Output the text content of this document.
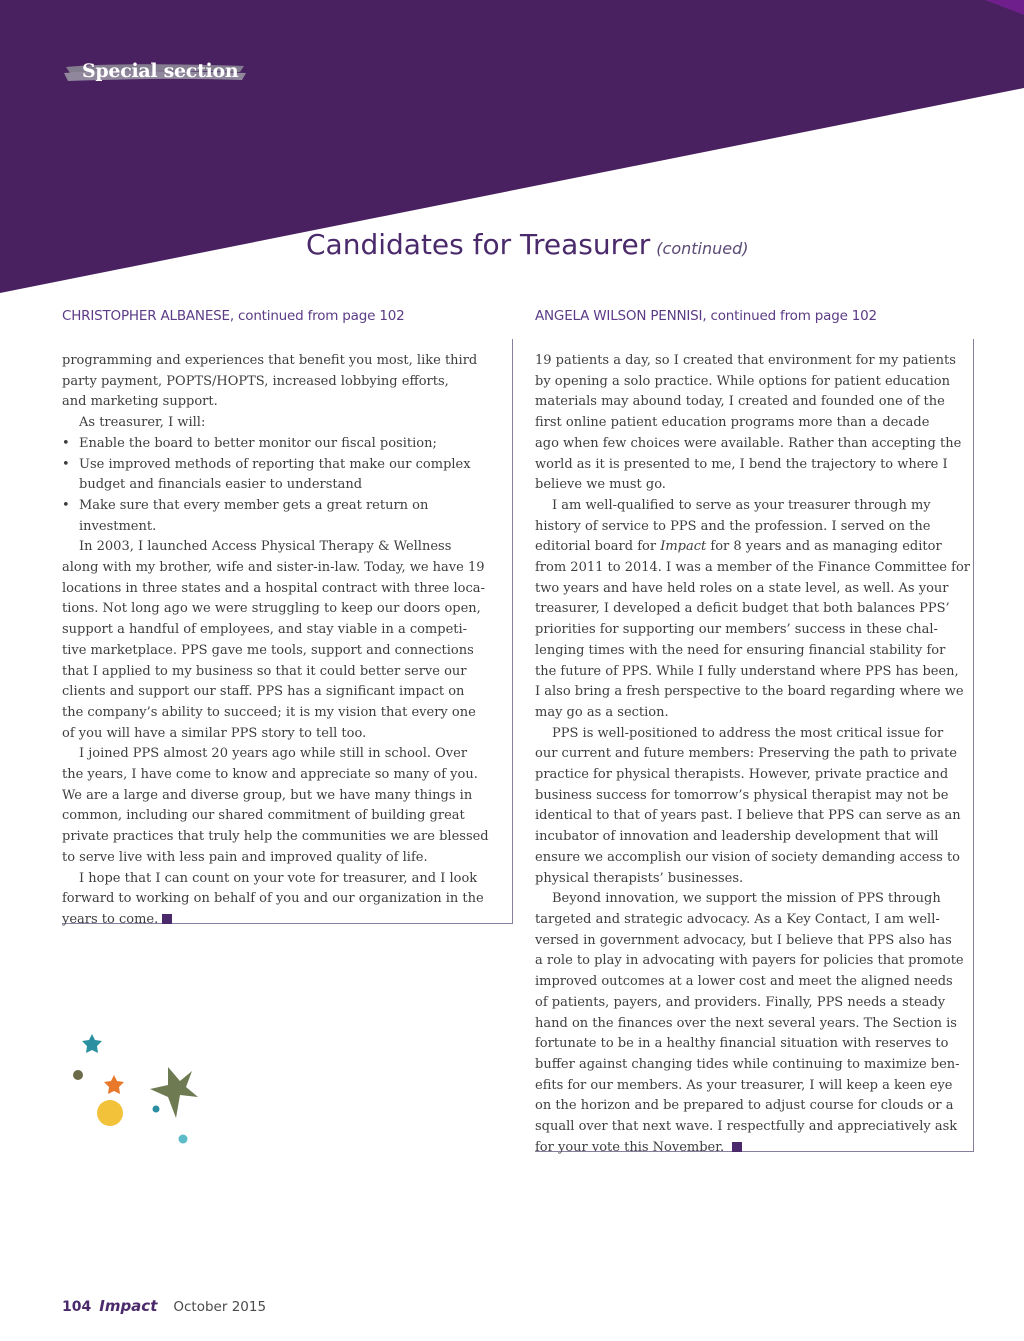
Special section
Candidates for Treasurer (continued)
CHRISTOPHER ALBANESE, continued from page 102

programming and experiences that benefit you most, like third

party payment, POPTS/HOPTS, increased lobbying efforts,

and marketing support.

As treasurer, I will:

• Enable the board to better monitor our fiscal position;

• Use improved methods of reporting that make our complex

budget and financials easier to understand

• Make sure that every member gets a great return on

investment.

In 2003, I launched Access Physical Therapy & Wellness

along with my brother, wife and sister-in-law. Today, we have 19

locations in three states and a hospital contract with three loca-

tions. Not long ago we were struggling to keep our doors open,

support a handful of employees, and stay viable in a competi-

tive marketplace. PPS gave me tools, support and connections

that I applied to my business so that it could better serve our

clients and support our staff. PPS has a significant impact on

the company’s ability to succeed; it is my vision that every one

of you will have a similar PPS story to tell too.

I joined PPS almost 20 years ago while still in school. Over

the years, I have come to know and appreciate so many of you.

We are a large and diverse group, but we have many things in

common, including our shared commitment of building great

private practices that truly help the communities we are blessed

to serve live with less pain and improved quality of life.

I hope that I can count on your vote for treasurer, and I look

forward to working on behalf of you and our organization in the

years to come.

ANGELA WILSON PENNISI, continued from page 102

19 patients a day, so I created that environment for my patients

by opening a solo practice. While options for patient education

materials may abound today, I created and founded one of the

first online patient education programs more than a decade

ago when few choices were available. Rather than accepting the

world as it is presented to me, I bend the trajectory to where I

believe we must go.

I am well-qualified to serve as your treasurer through my

history of service to PPS and the profession. I served on the

editorial board for Impact for 8 years and as managing editor

from 2011 to 2014. I was a member of the Finance Committee for

two years and have held roles on a state level, as well. As your

treasurer, I developed a deficit budget that both balances PPS’

priorities for supporting our members’ success in these chal-

lenging times with the need for ensuring financial stability for

the future of PPS. While I fully understand where PPS has been,

I also bring a fresh perspective to the board regarding where we

may go as a section.

PPS is well-positioned to address the most critical issue for

our current and future members: Preserving the path to private

practice for physical therapists. However, private practice and

business success for tomorrow’s physical therapist may not be

identical to that of years past. I believe that PPS can serve as an

incubator of innovation and leadership development that will

ensure we accomplish our vision of society demanding access to

physical therapists’ businesses.

Beyond innovation, we support the mission of PPS through

targeted and strategic advocacy. As a Key Contact, I am well-

versed in government advocacy, but I believe that PPS also has

a role to play in advocating with payers for policies that promote

improved outcomes at a lower cost and meet the aligned needs

of patients, payers, and providers. Finally, PPS needs a steady

hand on the finances over the next several years. The Section is

fortunate to be in a healthy financial situation with reserves to

buffer against changing tides while continuing to maximize ben-

efits for our members. As your treasurer, I will keep a keen eye

on the horizon and be prepared to adjust course for clouds or a

squall over that next wave. I respectfully and appreciatively ask

for your vote this November.

104 Impact October 2015
